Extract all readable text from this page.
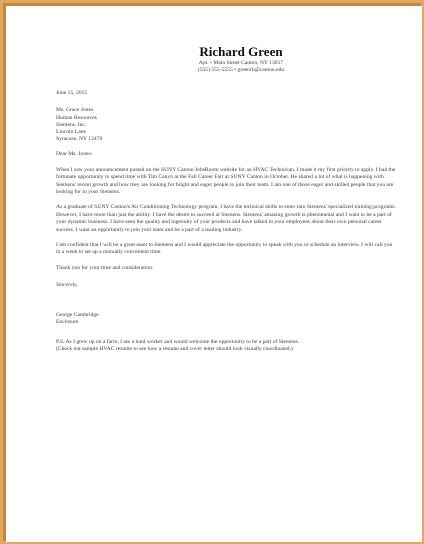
Richard Green
Apt. • Main Street Canton, NY 13617
(555) 555-5555 • greenrh@canton.edu
June 15, 2015
Ms. Grace Jones
Human Resources
Siemens, Inc.
Lincoln Lane
Syracuse, NY 13470
Dear Ms. Jones:

When I saw your announcement posted on the SUNY Canton JobsRoom website for an HVAC Technician, I made it my first priority to apply. I had the fortunate opportunity to spend time with Tim Canyn at the Fall Career Fair at SUNY Canton in October. He shared a lot of what is happening with Siemens' recent growth and how they are looking for bright and eager people to join their team. I am one of those eager and skilled people that you are looking for in your Siemens.

As a graduate of SUNY Canton's Air Conditioning Technology program, I have the technical skills to enter into Siemens' specialized training programs. However, I have more than just the ability. I have the desire to succeed at Siemens. Siemens' amazing growth is phenomenal and I want to be a part of your dynamic business. I have seen the quality and ingenuity of your products and have talked to your employees about their own personal career success. I want an opportunity to join your team and be a part of a leading industry.

I am confident that I will be a great asset to Siemens and I would appreciate the opportunity to speak with you or schedule an interview. I will call you in a week to set up a mutually convenient time.

Thank you for your time and consideration.

Sincerely,
George Cambridge
Enclosure
P.S. As I grew up on a farm, I am a hard worker and would welcome the opportunity to be a part of Siemens.
(Check out sample HVAC resume to see how a resume and cover letter should look visually coordinated.)
